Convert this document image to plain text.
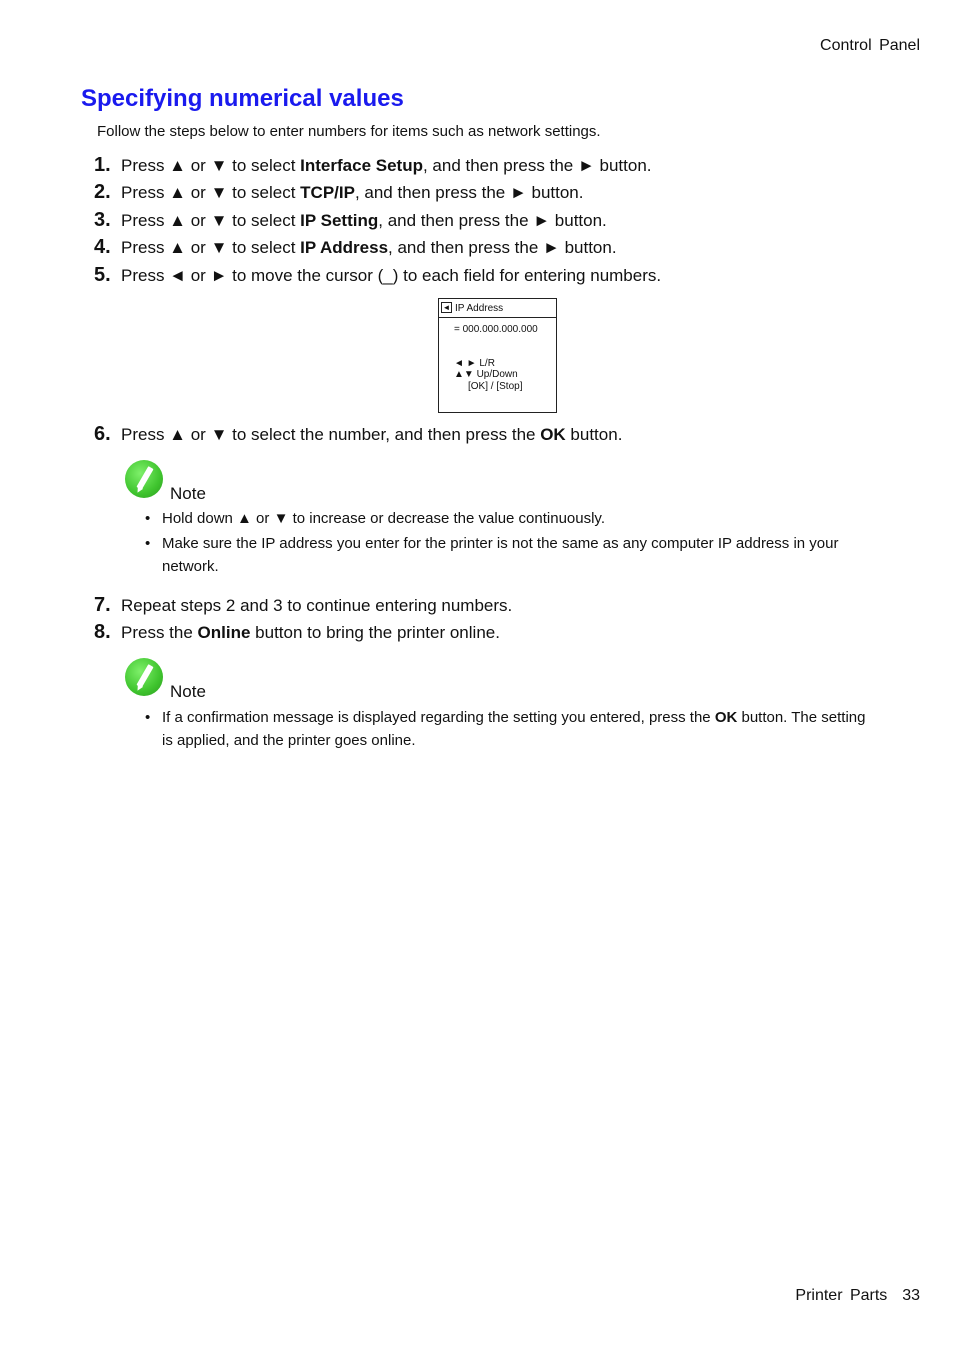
Control Panel
Specifying numerical values
Follow the steps below to enter numbers for items such as network settings.
1. Press ▲ or ▼ to select Interface Setup, and then press the ► button.
2. Press ▲ or ▼ to select TCP/IP, and then press the ► button.
3. Press ▲ or ▼ to select IP Setting, and then press the ► button.
4. Press ▲ or ▼ to select IP Address, and then press the ► button.
5. Press ◄ or ► to move the cursor (_) to each field for entering numbers.
◄ IP Address
= 000.000.000.000
◄ ► L/R
▲▼ Up/Down
[OK] / [Stop]
6. Press ▲ or ▼ to select the number, and then press the OK button.
Note
• Hold down ▲ or ▼ to increase or decrease the value continuously.
• Make sure the IP address you enter for the printer is not the same as any computer IP address in your network.
7. Repeat steps 2 and 3 to continue entering numbers.
8. Press the Online button to bring the printer online.
Note
• If a confirmation message is displayed regarding the setting you entered, press the OK button. The setting is applied, and the printer goes online.
Printer Parts 33
